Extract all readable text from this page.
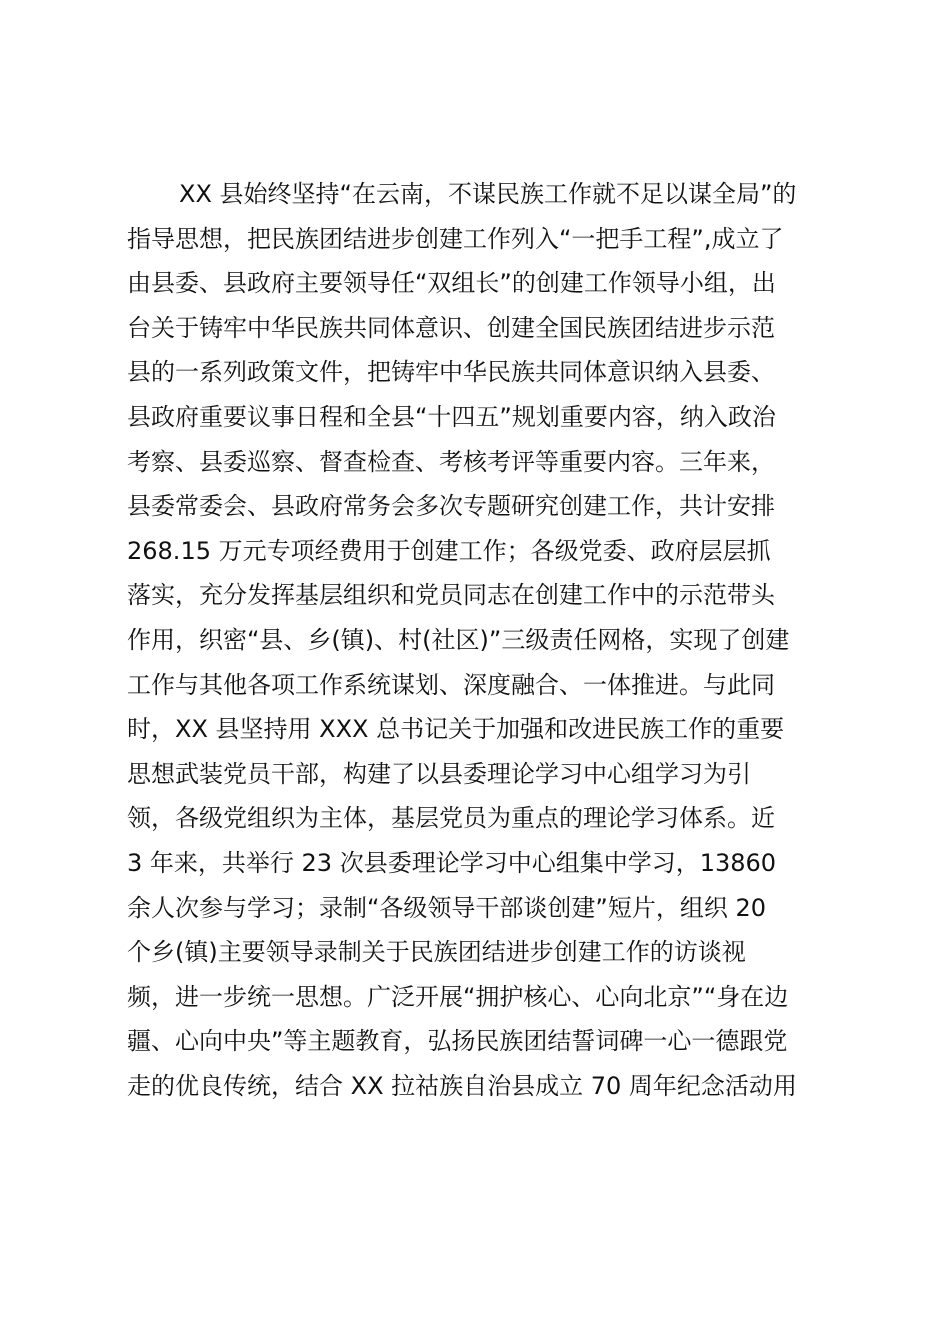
XX 县始终坚持“在云南，不谋民族工作就不足以谋全局”的
指导思想，把民族团结进步创建工作列入“一把手工程”,成立了
由县委、县政府主要领导任“双组长”的创建工作领导小组，出
台关于铸牢中华民族共同体意识、创建全国民族团结进步示范
县的一系列政策文件，把铸牢中华民族共同体意识纳入县委、
县政府重要议事日程和全县“十四五”规划重要内容，纳入政治
考察、县委巡察、督查检查、考核考评等重要内容。三年来，
县委常委会、县政府常务会多次专题研究创建工作，共计安排
268.15 万元专项经费用于创建工作；各级党委、政府层层抓
落实，充分发挥基层组织和党员同志在创建工作中的示范带头
作用，织密“县、乡(镇)、村(社区)”三级责任网格，实现了创建
工作与其他各项工作系统谋划、深度融合、一体推进。与此同
时，XX 县坚持用 XXX 总书记关于加强和改进民族工作的重要
思想武装党员干部，构建了以县委理论学习中心组学习为引
领，各级党组织为主体，基层党员为重点的理论学习体系。近
3 年来，共举行 23 次县委理论学习中心组集中学习，13860
余人次参与学习；录制“各级领导干部谈创建”短片，组织 20
个乡(镇)主要领导录制关于民族团结进步创建工作的访谈视
频，进一步统一思想。广泛开展“拥护核心、心向北京”“身在边
疆、心向中央”等主题教育，弘扬民族团结誓词碑一心一德跟党
走的优良传统，结合 XX 拉祜族自治县成立 70 周年纪念活动用
